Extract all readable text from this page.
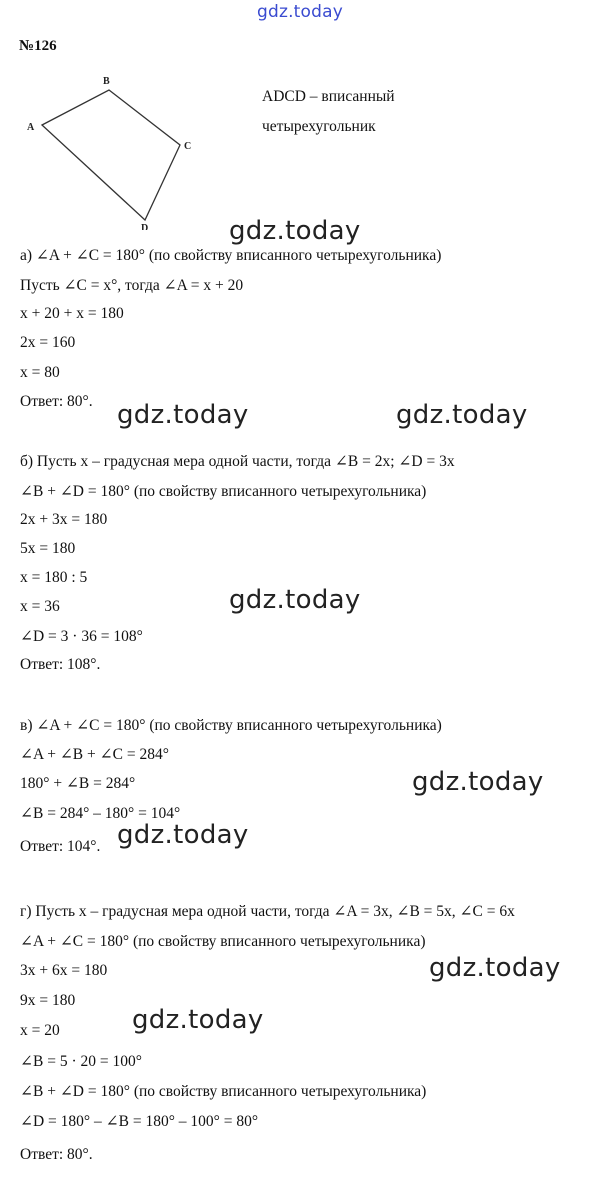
gdz.today

№126
A
B
C
D
ADCD – вписанный
четырехугольник
а) ∠A + ∠C = 180° (по свойству вписанного четырехугольника)
Пусть ∠C = x°, тогда ∠A = x + 20
x + 20 + x = 180
2x = 160
x = 80
Ответ: 80°.
б) Пусть x – градусная мера одной части, тогда ∠B = 2x; ∠D = 3x
∠B + ∠D = 180° (по свойству вписанного четырехугольника)
2x + 3x = 180
5x = 180
x = 180 : 5
x = 36
∠D = 3 · 36 = 108°
Ответ: 108°.
в) ∠A + ∠C = 180° (по свойству вписанного четырехугольника)
∠A + ∠B + ∠C = 284°
180° + ∠B = 284°
∠B = 284° – 180° = 104°
Ответ: 104°.
г) Пусть x – градусная мера одной части, тогда ∠A = 3x, ∠B = 5x, ∠C = 6x
∠A + ∠C = 180° (по свойству вписанного четырехугольника)
3x + 6x = 180
9x = 180
x = 20
∠B = 5 · 20 = 100°
∠B + ∠D = 180° (по свойству вписанного четырехугольника)
∠D = 180° – ∠B = 180° – 100° = 80°
Ответ: 80°.
gdz.today
gdz.today	gdz.today
gdz.today
gdz.today
gdz.today
gdz.today
gdz.today
